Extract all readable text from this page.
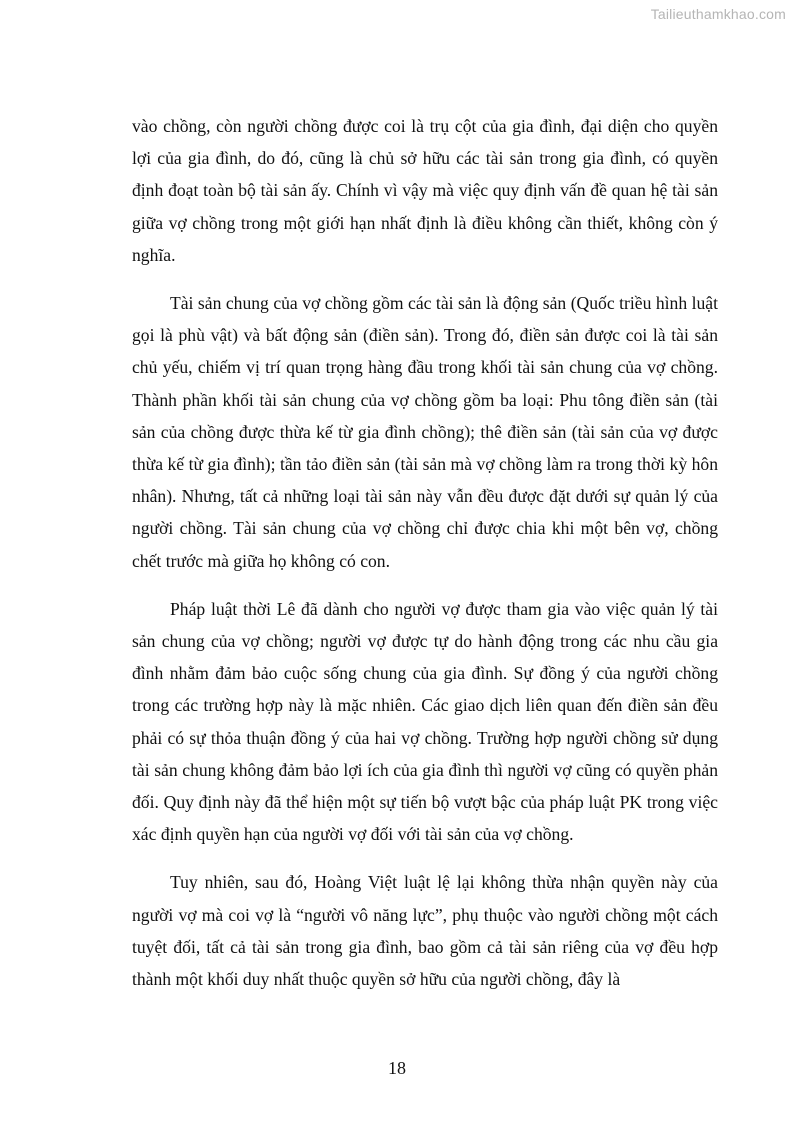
Tailieuthamkhao.com

vào chồng, còn người chồng được coi là trụ cột của gia đình, đại diện cho quyền lợi của gia đình, do đó, cũng là chủ sở hữu các tài sản trong gia đình, có quyền định đoạt toàn bộ tài sản ấy. Chính vì vậy mà việc quy định vấn đề quan hệ tài sản giữa vợ chồng trong một giới hạn nhất định là điều không cần thiết, không còn ý nghĩa.

Tài sản chung của vợ chồng gồm các tài sản là động sản (Quốc triều hình luật gọi là phù vật) và bất động sản (điền sản). Trong đó, điền sản được coi là tài sản chủ yếu, chiếm vị trí quan trọng hàng đầu trong khối tài sản chung của vợ chồng. Thành phần khối tài sản chung của vợ chồng gồm ba loại: Phu tông điền sản (tài sản của chồng được thừa kế từ gia đình chồng); thê điền sản (tài sản của vợ được thừa kế từ gia đình); tần tảo điền sản (tài sản mà vợ chồng làm ra trong thời kỳ hôn nhân). Nhưng, tất cả những loại tài sản này vẫn đều được đặt dưới sự quản lý của người chồng. Tài sản chung của vợ chồng chỉ được chia khi một bên vợ, chồng chết trước mà giữa họ không có con.

Pháp luật thời Lê đã dành cho người vợ được tham gia vào việc quản lý tài sản chung của vợ chồng; người vợ được tự do hành động trong các nhu cầu gia đình nhằm đảm bảo cuộc sống chung của gia đình. Sự đồng ý của người chồng trong các trường hợp này là mặc nhiên. Các giao dịch liên quan đến điền sản đều phải có sự thỏa thuận đồng ý của hai vợ chồng. Trường hợp người chồng sử dụng tài sản chung không đảm bảo lợi ích của gia đình thì người vợ cũng có quyền phản đối. Quy định này đã thể hiện một sự tiến bộ vượt bậc của pháp luật PK trong việc xác định quyền hạn của người vợ đối với tài sản của vợ chồng.

Tuy nhiên, sau đó, Hoàng Việt luật lệ lại không thừa nhận quyền này của người vợ mà coi vợ là “người vô năng lực”, phụ thuộc vào người chồng một cách tuyệt đối, tất cả tài sản trong gia đình, bao gồm cả tài sản riêng của vợ đều hợp thành một khối duy nhất thuộc quyền sở hữu của người chồng, đây là

18
